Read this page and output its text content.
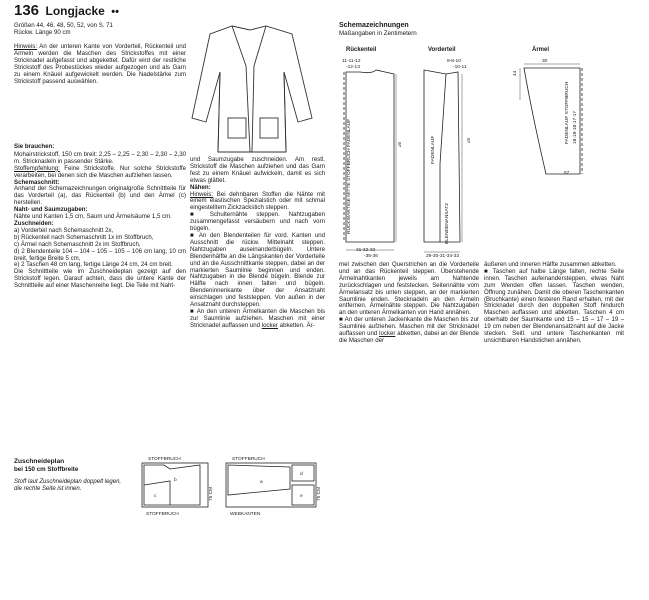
136 Longjacke ••

Größen 44, 46, 48, 50, 52, von S. 71

Rückw. Länge 90 cm

Hinweis: An der unteren Kante von Vorderteil, Rückenteil und Ärmeln werden die Maschen des Strickstoffes mit einer Stricknadel aufgefasst und abgekettet. Dafür wird der restliche Strickstoff des Probestückes wieder aufgezogen und als Garn zu einem Knäuel aufgewickelt werden. Die Nadelstärke zum Strickstoff passend auswählen.

Sie brauchen:

Mohairstrickstoff, 150 cm breit: 2,25 – 2,25 – 2,30 – 2,30 – 2,30 m. Stricknadeln in passender Stärke.

Stoffempfehlung: Feine Strickstoffe. Nur solche Strickstoffe verarbeiten, bei denen sich die Maschen aufziehen lassen.

Schemaschnitt:

Anhand der Schemazeichnungen originalgroße Schnittteile für das Vorderteil (a), das Rückenteil (b) und den Ärmel (c) herstellen.

Naht- und Saumzugaben:

Nähte und Kanten 1,5 cm, Saum und Ärmelsäume 1,5 cm.

Zuschneiden:

a) Vorderteil nach Schemaschnitt 2x,

b) Rückenteil nach Schemaschnitt 1x im Stoffbruch,

c) Ärmel nach Schemaschnitt 2x im Stoffbruch,

d) 2 Blendenteile 104 – 104 – 105 – 105 – 106 cm lang, 10 cm breit, fertige Breite 5 cm,

e) 2 Taschen 48 cm lang, fertige Länge 24 cm, 24 cm breit.

Die Schnittteile wie im Zuschneideplan gezeigt auf den Strickstoff legen. Darauf achten, dass die untere Kante der Schnittteile auf einer Maschenreihe liegt. Die Teile mit Naht-

und Saumzugabe zuschneiden. Am restl. Strickstoff die Maschen aufziehen und das Garn fest zu einem Knäuel aufwickeln, damit es sich etwas glättet.

Nähen:

Hinweis: Bei dehnbaren Stoffen die Nähte mit einem elastischen Spezialstich oder mit schmal eingestelltem Zickzackstich steppen.

■ Schulternähte steppen. Nahtzugaben zusammengefasst versäubern und nach vorn bügeln.

■ An den Blendenteilen für vord. Kanten und Ausschnitt die rückw. Mittelnaht steppen. Nahtzugaben auseinanderbügeln. Untere Blendenhälfte an die Längskanten der Vorderteile und an die Ausschnittkante steppen, dabei an der markierten Saumlinie beginnen und enden. Nahtzugaben in die Blende bügeln. Blende zur Hälfte nach innen falten und bügeln. Blendeninnenkante über der Ansatznaht einschlagen und feststeppen. Von außen in der Ansatznaht durchsteppen.

■ An den unteren Ärmelkanten die Maschen bis zur Saumlinie aufziehen. Maschen mit einer Stricknadel auffassen und locker abketten. Är-

Schemazeichnungen
Maßangaben in Zentimetern
Rückenteil	Vorderteil	Ärmel
11-11-12
-12-13
8-8-10
-10-11
31-32-33
-35-36	29-30-31-34-33
30
44
57
97
87
RÜCKWÄRTIGE MITTE STOFFBRUCH FADENLAUF	FADENLAUF
BLENDENANSATZ
FADENLAUF STOFFBRUCH 18-18-18-17-17

mel zwischen den Querstrichen an die Vorderteile und an das Rückenteil steppen. Überstehende Ärmelnahtkanten jeweils am Nahtende zurückschlagen und feststecken. Seitennähte vom Ärmelansatz bis unten steppen, an der markierten Saumlinie enden. Stecknadeln an den Ärmeln entfernen. Ärmelnähte steppen. Die Nahtzugaben an den unteren Ärmelkanten von Hand annähen.

■ An der unteren Jackenkante die Maschen bis zur Saumlinie aufziehen. Maschen mit der Stricknadel auffassen und locker abketten, dabei an der Blende die Maschen der

äußeren und inneren Hälfte zusammen abketten.

■ Taschen auf halbe Länge falten, rechte Seite innen. Taschen aufeinandersteppen, etwas Naht zum Wenden offen lassen. Taschen wenden, Öffnung zunähen. Damit die oberen Taschenkanten (Bruchkante) einen festeren Rand erhalten, mit der Stricknadel durch den doppelten Stoff hindurch Maschen auffassen und abketten. Taschen 4 cm oberhalb der Saumkante und 15 – 15 – 17 – 19 – 19 cm neben der Blendenansatznaht auf die Jacke stecken. Seitl. und untere Taschenkanten mit unsichtbaren Handstichen annähen.

Zuschneideplan
bei 150 cm Stoffbreite
Stoff laut Zuschneideplan doppelt legen, die rechte Seite ist innen.
STOFFBRUCH	STOFFBRUCH
STOFFBRUCH	WEBKANTEN
75 CM	75 CM
b
c
a
d
e
